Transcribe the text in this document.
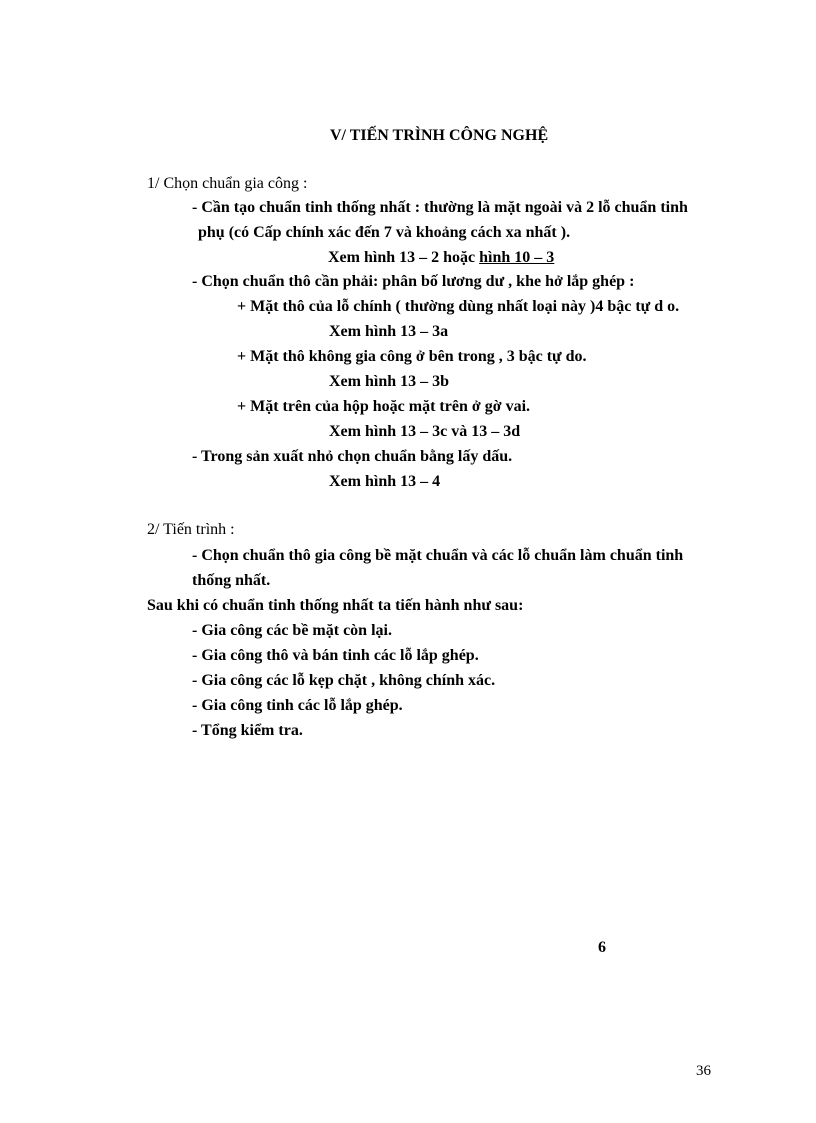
V/ TIẾN TRÌNH CÔNG NGHỆ
1/ Chọn chuẩn gia công :
- Cần tạo chuẩn tinh thống nhất : thường là mặt ngoài và 2 lỗ chuẩn tinh
phụ (có Cấp chính xác đến 7 và khoảng cách xa nhất ).
Xem hình 13 – 2 hoặc hình 10 – 3
- Chọn chuẩn thô cần phải: phân bố lương dư , khe hở lắp ghép :
+ Mặt thô của lỗ chính ( thường dùng nhất loại này )4 bậc tự d o.
Xem hình 13 – 3a
+ Mặt thô không gia công ở bên trong , 3 bậc tự do.
Xem hình 13 – 3b
+ Mặt trên của hộp hoặc mặt trên ở gờ vai.
Xem hình 13 – 3c và 13 – 3d
- Trong sản xuất nhỏ chọn chuẩn bằng lấy dấu.
Xem hình 13 – 4
2/ Tiến trình :
- Chọn chuẩn thô gia công bề mặt chuẩn và các lỗ chuẩn làm chuẩn tinh
thống nhất.
Sau khi có chuẩn tinh thống nhất ta tiến hành như sau:
- Gia công các bề mặt còn lại.
- Gia công thô và bán tinh các lỗ lắp ghép.
- Gia công các lỗ kẹp chặt , không chính xác.
- Gia công tinh các lỗ lắp ghép.
- Tổng kiểm tra.
6
36
